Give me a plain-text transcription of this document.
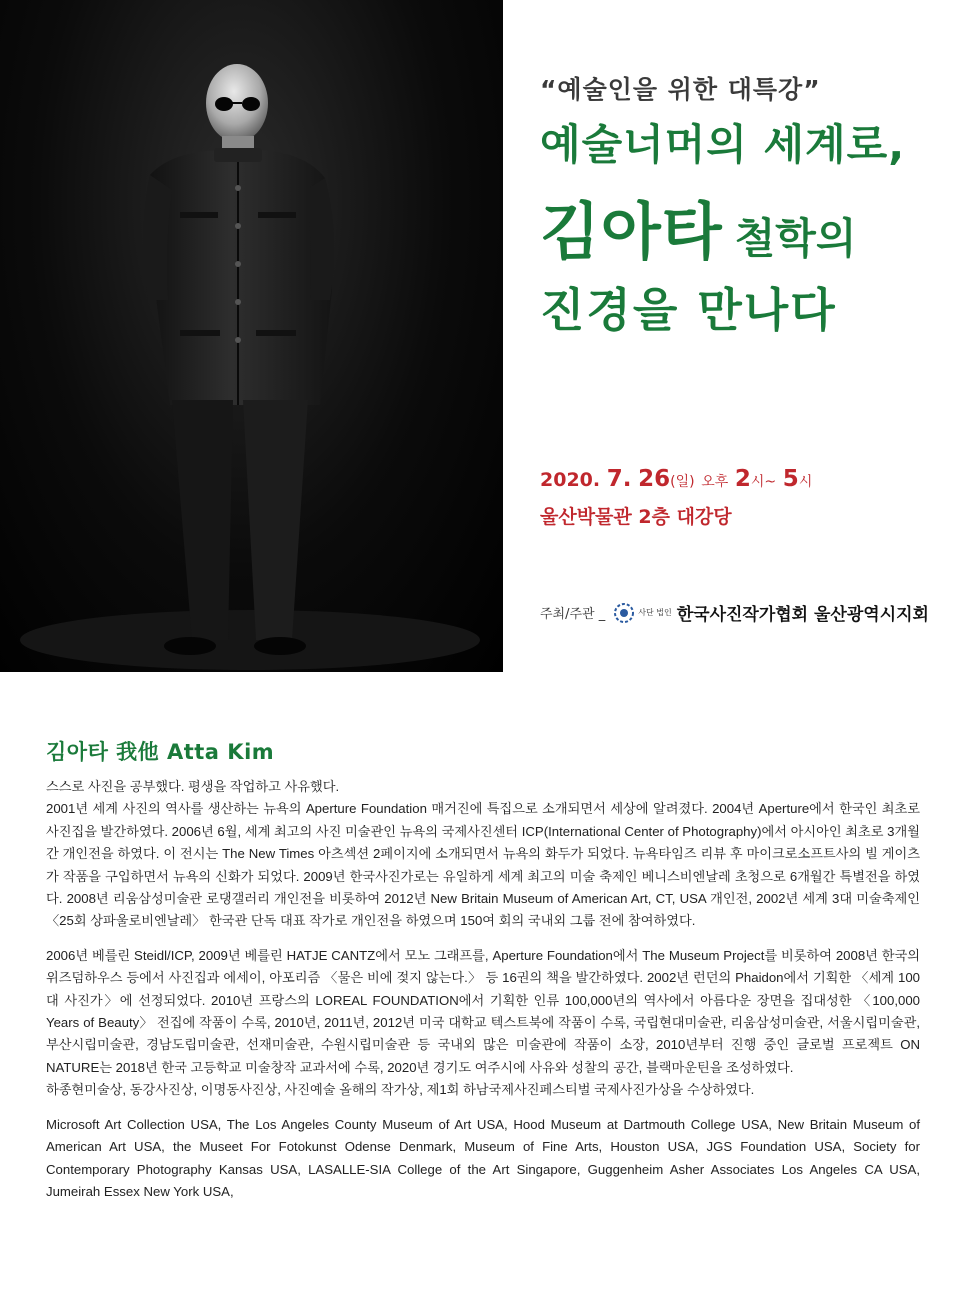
“예술인을 위한 대특강”
예술너머의 세계로,
김아타 철학의
진경을 만나다
2020. 7. 26(일) 오후 2시~ 5시
울산박물관 2층 대강당
주최/주관 _	사단 법인 한국사진작가협회 울산광역시지회
김아타 我他 Atta Kim

스스로 사진을 공부했다. 평생을 작업하고 사유했다.

2001년 세계 사진의 역사를 생산하는 뉴욕의 Aperture Foundation 매거진에 특집으로 소개되면서 세상에 알려졌다. 2004년 Aperture에서 한국인 최초로 사진집을 발간하였다. 2006년 6월, 세계 최고의 사진 미술관인 뉴욕의 국제사진센터 ICP(International Center of Photography)에서 아시아인 최초로 3개월간 개인전을 하였다. 이 전시는 The New Times 아츠섹션 2페이지에 소개되면서 뉴욕의 화두가 되었다. 뉴욕타임즈 리뷰 후 마이크로소프트사의 빌 게이츠가 작품을 구입하면서 뉴욕의 신화가 되었다. 2009년 한국사진가로는 유일하게 세계 최고의 미술 축제인 베니스비엔날레 초청으로 6개월간 특별전을 하였다. 2008년 리움삼성미술관 로댕갤러리 개인전을 비롯하여 2012년 New Britain Museum of American Art, CT, USA 개인전, 2002년 세계 3대 미술축제인 〈25회 상파울로비엔날레〉 한국관 단독 대표 작가로 개인전을 하였으며 150여 회의 국내외 그룹 전에 참여하였다.

2006년 베를린 Steidl/ICP, 2009년 베를린 HATJE CANTZ에서 모노 그래프를, Aperture Foundation에서 The Museum Project를 비롯하여 2008년 한국의 위즈덤하우스 등에서 사진집과 에세이, 아포리즘 〈물은 비에 젖지 않는다.〉 등 16권의 책을 발간하였다. 2002년 런던의 Phaidon에서 기획한 〈세계 100대 사진가〉에 선정되었다. 2010년 프랑스의 LOREAL FOUNDATION에서 기획한 인류 100,000년의 역사에서 아름다운 장면을 집대성한 〈100,000 Years of Beauty〉 전집에 작품이 수록, 2010년, 2011년, 2012년 미국 대학교 텍스트북에 작품이 수록, 국립현대미술관, 리움삼성미술관, 서울시립미술관, 부산시립미술관, 경남도립미술관, 선재미술관, 수원시립미술관 등 국내외 많은 미술관에 작품이 소장, 2010년부터 진행 중인 글로벌 프로젝트 ON NATURE는 2018년 한국 고등학교 미술창작 교과서에 수록, 2020년 경기도 여주시에 사유와 성찰의 공간, 블랙마운틴을 조성하였다.

하종현미술상, 동강사진상, 이명동사진상, 사진예술 올해의 작가상, 제1회 하남국제사진페스티벌 국제사진가상을 수상하였다.

Microsoft Art Collection USA, The Los Angeles County Museum of Art USA, Hood Museum at Dartmouth College USA, New Britain Museum of American Art USA, the Museet For Fotokunst Odense Denmark, Museum of Fine Arts, Houston USA, JGS Foundation USA, Society for Contemporary Photography Kansas USA, LASALLE-SIA College of the Art Singapore, Guggenheim Asher Associates Los Angeles CA USA, Jumeirah Essex New York USA,
